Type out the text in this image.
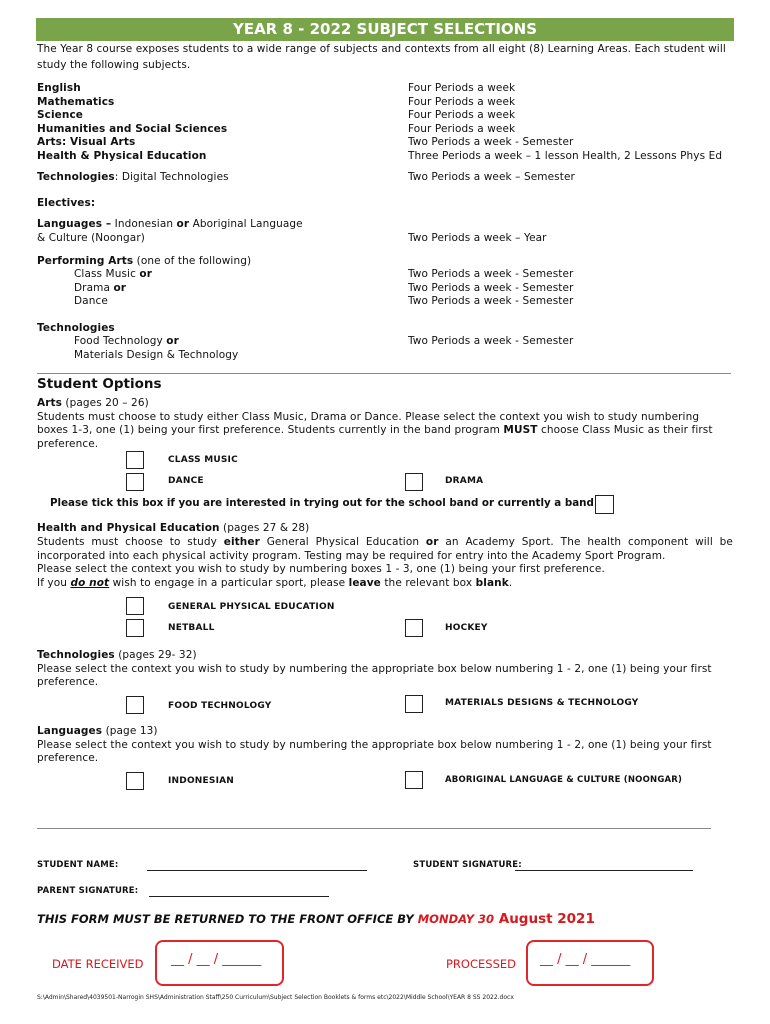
YEAR 8 - 2022 SUBJECT SELECTIONS
The Year 8 course exposes students to a wide range of subjects and contexts from all eight (8) Learning Areas. Each student will study the following subjects.
English	Four Periods a week
Mathematics	Four Periods a week
Science	Four Periods a week
Humanities and Social Sciences	Four Periods a week
Arts: Visual Arts	Two Periods a week - Semester
Health & Physical Education	Three Periods a week – 1 lesson Health, 2 Lessons Phys Ed
Technologies: Digital Technologies	Two Periods a week – Semester
Electives:
Languages – Indonesian or Aboriginal Language
& Culture (Noongar)	Two Periods a week – Year
Performing Arts (one of the following)
Class Music or	Two Periods a week - Semester
Drama or	Two Periods a week - Semester
Dance	Two Periods a week - Semester
Technologies
Food Technology or	Two Periods a week - Semester
Materials Design & Technology
Student Options
Arts (pages 20 – 26)
Students must choose to study either Class Music, Drama or Dance. Please select the context you wish to study numbering boxes 1-3, one (1) being your first preference. Students currently in the band program MUST choose Class Music as their first preference.
CLASS MUSIC
DANCE	DRAMA
Please tick this box if you are interested in trying out for the school band or currently a band
Health and Physical Education (pages 27 & 28)
Students must choose to study either General Physical Education or an Academy Sport. The health component will be incorporated into each physical activity program. Testing may be required for entry into the Academy Sport Program.
Please select the context you wish to study by numbering boxes 1 - 3, one (1) being your first preference.
If you do not wish to engage in a particular sport, please leave the relevant box blank.
GENERAL PHYSICAL EDUCATION
NETBALL	HOCKEY
Technologies (pages 29- 32)
Please select the context you wish to study by numbering the appropriate box below numbering 1 - 2, one (1) being your first preference.
FOOD TECHNOLOGY	MATERIALS DESIGNS & TECHNOLOGY
Languages (page 13)
Please select the context you wish to study by numbering the appropriate box below numbering 1 - 2, one (1) being your first preference.
INDONESIAN	ABORIGINAL LANGUAGE & CULTURE (NOONGAR)
STUDENT NAME:	STUDENT SIGNATURE:
PARENT SIGNATURE:
THIS FORM MUST BE RETURNED TO THE FRONT OFFICE BY MONDAY 30 August 2021
DATE RECEIVED __ / __ / ______	PROCESSED __ / __ / ______
S:\Admin\Shared\4039501-Narrogin SHS\Administration Staff\250 Curriculum\Subject Selection Booklets & forms etc\2022\Middle School\YEAR 8 SS 2022.docx
